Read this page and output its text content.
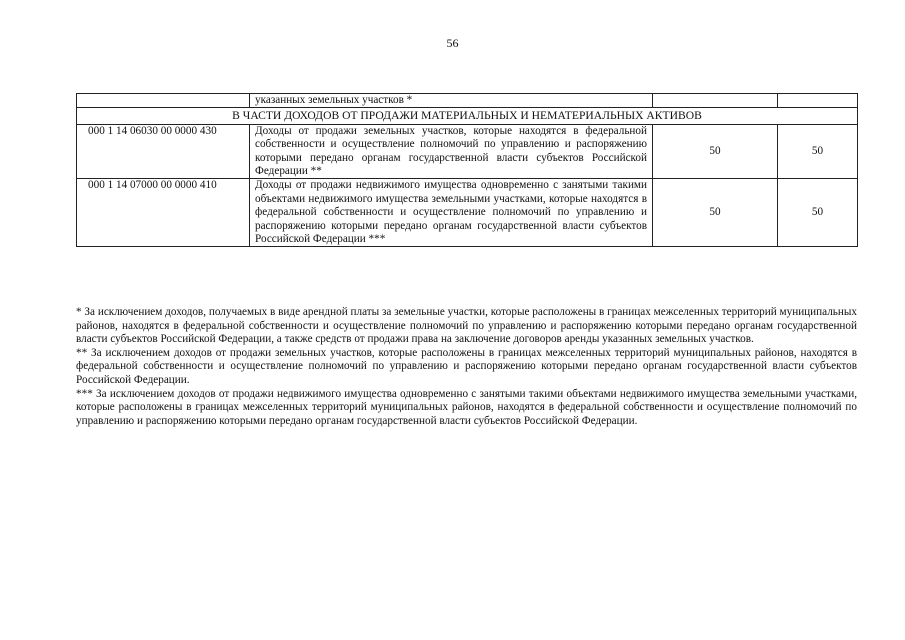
56
	указанных земельных участков *		
В ЧАСТИ ДОХОДОВ ОТ ПРОДАЖИ МАТЕРИАЛЬНЫХ И НЕМАТЕРИАЛЬНЫХ АКТИВОВ			
000 1 14 06030 00 0000 430	Доходы от продажи земельных участков, которые находятся в федеральной собственности и осуществление полномочий по управлению и распоряжению которыми передано органам государственной власти субъектов Российской Федерации **	50	50
000 1 14 07000 00 0000 410	Доходы от продажи недвижимого имущества одновременно с занятыми такими объектами недвижимого имущества земельными участками, которые находятся в федеральной собственности и осуществление полномочий по управлению и распоряжению которыми передано органам государственной власти субъектов Российской Федерации ***	50	50

* За исключением доходов, получаемых в виде арендной платы за земельные участки, которые расположены в границах межселенных территорий муниципальных районов, находятся в федеральной собственности и осуществление полномочий по управлению и распоряжению которыми передано органам государственной власти субъектов Российской Федерации, а также средств от продажи права на заключение договоров аренды указанных земельных участков.

** За исключением доходов от продажи земельных участков, которые расположены в границах межселенных территорий муниципальных районов, находятся в федеральной собственности и осуществление полномочий по управлению и распоряжению которыми передано органам государственной власти субъектов Российской Федерации.

*** За исключением доходов от продажи недвижимого имущества одновременно с занятыми такими объектами недвижимого имущества земельными участками, которые расположены в границах межселенных территорий муниципальных районов, находятся в федеральной собственности и осуществление полномочий по управлению и распоряжению которыми передано органам государственной власти субъектов Российской Федерации.
